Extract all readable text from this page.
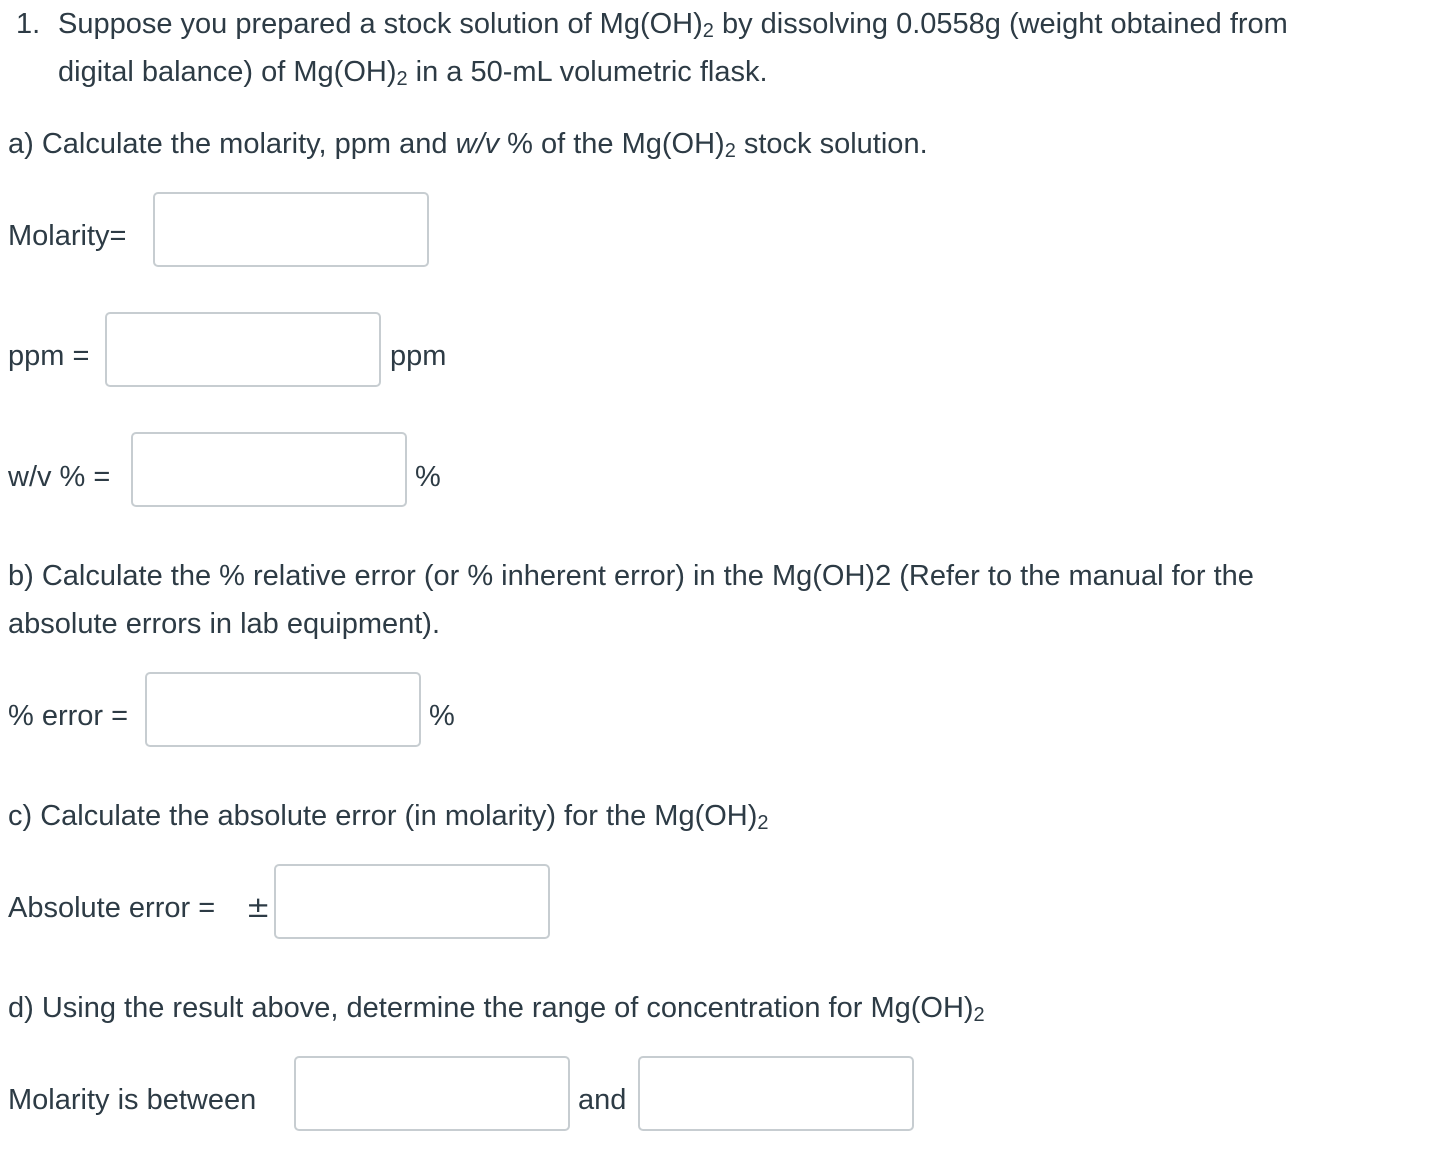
1. Suppose you prepared a stock solution of $Mg(OH)_2$ by dissolving 0.0558g (weight obtained from
digital balance) of $Mg(OH)_2$ in a 50-mL volumetric flask.
a) Calculate the molarity, ppm and w/v % of the $Mg(OH)_2$ stock solution.
Molarity=
ppm =	ppm
w/v % =	%
b) Calculate the % relative error (or % inherent error) in the Mg(OH)2 (Refer to the manual for the
absolute errors in lab equipment).
% error =	%
c) Calculate the absolute error (in molarity) for the $Mg(OH)_2$
Absolute error = ±
d) Using the result above, determine the range of concentration for $Mg(OH)_2$
Molarity is between	and
